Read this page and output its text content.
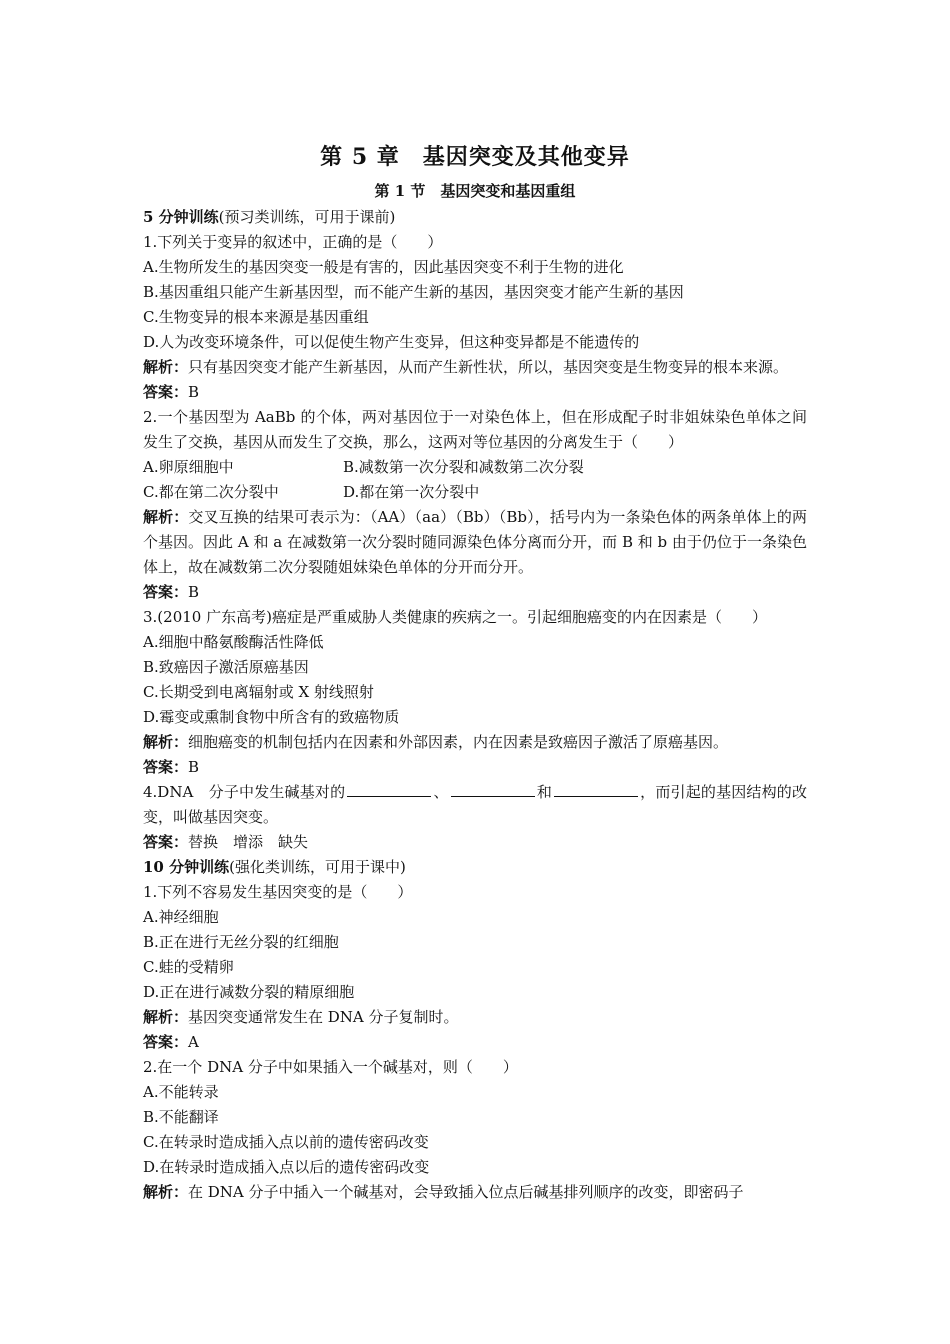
第 5 章　基因突变及其他变异
第 1 节　基因突变和基因重组
5 分钟训练(预习类训练，可用于课前)
1.下列关于变异的叙述中，正确的是（　　）
A.生物所发生的基因突变一般是有害的，因此基因突变不利于生物的进化
B.基因重组只能产生新基因型，而不能产生新的基因，基因突变才能产生新的基因
C.生物变异的根本来源是基因重组
D.人为改变环境条件，可以促使生物产生变异，但这种变异都是不能遗传的
解析：只有基因突变才能产生新基因，从而产生新性状，所以，基因突变是生物变异的根本来源。
答案：B
2.一个基因型为 AaBb 的个体，两对基因位于一对染色体上，但在形成配子时非姐妹染色单体之间发生了交换，基因从而发生了交换，那么，这两对等位基因的分离发生于（　　）
A.卵原细胞中	B.减数第一次分裂和减数第二次分裂
C.都在第二次分裂中	D.都在第一次分裂中
解析：交叉互换的结果可表示为：（AA）（aa）（Bb）（Bb），括号内为一条染色体的两条单体上的两个基因。因此 A 和 a 在减数第一次分裂时随同源染色体分离而分开，而 B 和 b 由于仍位于一条染色体上，故在减数第二次分裂随姐妹染色单体的分开而分开。
答案：B
3.(2010 广东高考)癌症是严重威胁人类健康的疾病之一。引起细胞癌变的内在因素是（　　）
A.细胞中酪氨酸酶活性降低
B.致癌因子激活原癌基因
C.长期受到电离辐射或 X 射线照射
D.霉变或熏制食物中所含有的致癌物质
解析：细胞癌变的机制包括内在因素和外部因素，内在因素是致癌因子激活了原癌基因。
答案：B
4.DNA　分子中发生碱基对的	、	和	，而引起的基因结构的改变，叫做基因突变。
答案：替换　增添　缺失
10 分钟训练(强化类训练，可用于课中)
1.下列不容易发生基因突变的是（　　）
A.神经细胞
B.正在进行无丝分裂的红细胞
C.蛙的受精卵
D.正在进行减数分裂的精原细胞
解析：基因突变通常发生在 DNA 分子复制时。
答案：A
2.在一个 DNA 分子中如果插入一个碱基对，则（　　）
A.不能转录
B.不能翻译
C.在转录时造成插入点以前的遗传密码改变
D.在转录时造成插入点以后的遗传密码改变
解析：在 DNA 分子中插入一个碱基对，会导致插入位点后碱基排列顺序的改变，即密码子
